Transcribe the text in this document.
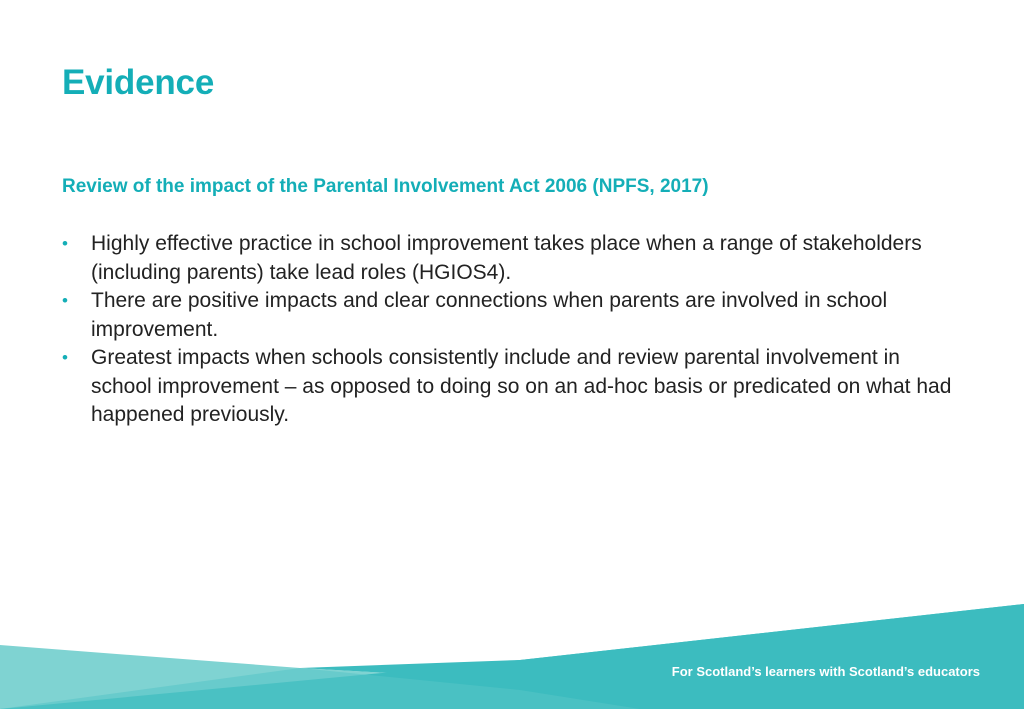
Evidence
Review of the impact of the Parental Involvement Act 2006 (NPFS, 2017)
• Highly effective practice in school improvement takes place when a range of stakeholders (including parents) take lead roles (HGIOS4).
• There are positive impacts and clear connections when parents are involved in school improvement.
• Greatest impacts when schools consistently include and review parental involvement in school improvement – as opposed to doing so on an ad-hoc basis or predicated on what had happened previously.

For Scotland’s learners with Scotland’s educators
